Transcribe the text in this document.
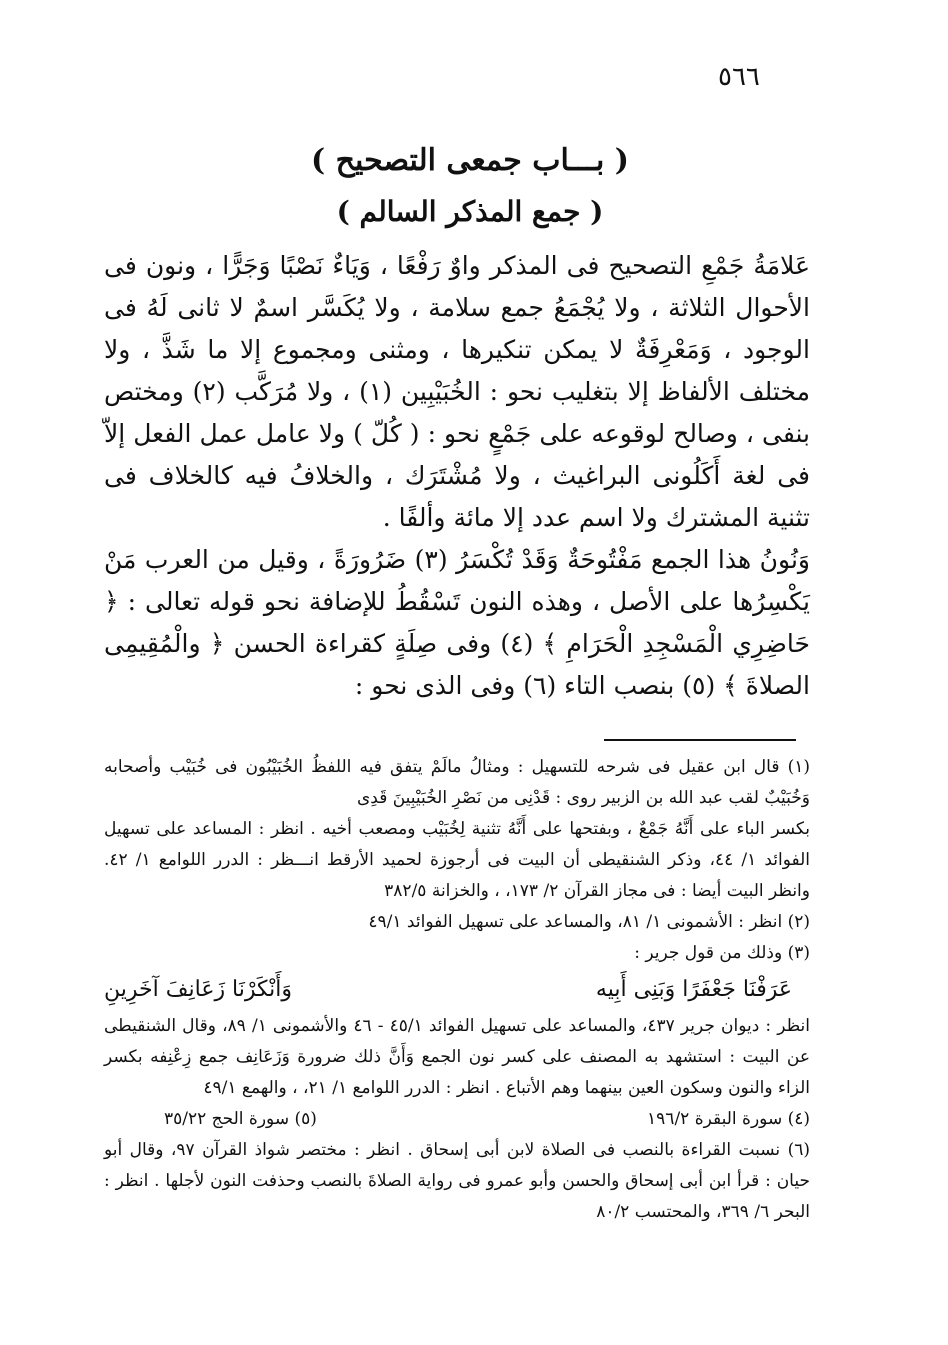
٥٦٦
( بـــاب جمعى التصحيح )
( جمع المذكر السالم )

عَلامَةُ جَمْعِ التصحيح فى المذكر واوٌ رَفْعًا ، وَيَاءٌ نَصْبًا وَجَرًّا ، ونون فى الأحوال الثلاثة ، ولا يُجْمَعُ جمع سلامة ، ولا يُكَسَّر اسمٌ لا ثانى لَهُ فى الوجود ، وَمَعْرِفَةٌ لا يمكن تنكيرها ، ومثنى ومجموع إلا ما شَذَّ ، ولا مختلف الألفاظ إلا بتغليب نحو : الخُبَيْبِين (١) ، ولا مُرَكَّب (٢) ومختص بنفى ، وصالح لوقوعه على جَمْعٍ نحو : ( كُلّ ) ولا عامل عمل الفعل إلاّ فى لغة أَكَلُونى البراغيث ، ولا مُشْتَرَك ، والخلافُ فيه كالخلاف فى تثنية المشترك ولا اسم عدد إلا مائة وألفًا .

وَنُونُ هذا الجمع مَفْتُوحَةٌ وَقَدْ تُكْسَرُ (٣) ضَرُورَةً ، وقيل من العرب مَنْ يَكْسِرُها على الأصل ، وهذه النون تَسْقُطُ للإضافة نحو قوله تعالى : ﴿ حَاضِرِي الْمَسْجِدِ الْحَرَامِ ﴾ (٤) وفى صِلَةٍ كقراءة الحسن ﴿ والْمُقِيمِى الصلاةَ ﴾ (٥) بنصب التاء (٦) وفى الذى نحو :

(١) قال ابن عقيل فى شرحه للتسهيل : ومثالُ مالَمْ يتفق فيه اللفظُ الخُبَيْبُون فى خُبَيْب وأصحابه وَخُبَيْبٌ لقب عبد الله بن الزبير روى : قَدْنِى من نَصْرِ الخُبَيْبِينَ قَدِى

بكسر الباء على أَنَّهُ جَمْعٌ ، وبفتحها على أَنَّهُ تثنية لِخُبَيْب ومصعب أخيه . انظر : المساعد على تسهيل الفوائد ١/ ٤٤، وذكر الشنقيطى أن البيت فى أرجوزة لحميد الأرقط انـــظر : الدرر اللوامع ١/ ٤٢. وانظر البيت أيضا : فى مجاز القرآن ٢/ ١٧٣، ، والخزانة ٣٨٢/٥

(٢) انظر : الأشمونى ١/ ٨١، والمساعد على تسهيل الفوائد ٤٩/١

(٣) وذلك من قول جرير :

عَرَفْنَا جَعْفَرًا وَبَنِى أَبِيه
وَأَنْكَرْنَا زَعَانِفَ آخَرِينِ

انظر : ديوان جرير ٤٣٧، والمساعد على تسهيل الفوائد ٤٥/١ - ٤٦ والأشمونى ١/ ٨٩، وقال الشنقيطى عن البيت : استشهد به المصنف على كسر نون الجمع وَأَنَّ ذلك ضرورة وَزَعَانِف جمع زِعْنِفه بكسر الزاء والنون وسكون العين بينهما وهم الأتباع . انظر : الدرر اللوامع ١/ ٢١، ، والهمع ٤٩/١

(٤) سورة البقرة ١٩٦/٢
(٥) سورة الحج ٣٥/٢٢

(٦) نسبت القراءة بالنصب فى الصلاة لابن أبى إسحاق . انظر : مختصر شواذ القرآن ٩٧، وقال أبو حيان : قرأ ابن أبى إسحاق والحسن وأبو عمرو فى رواية الصلاةَ بالنصب وحذفت النون لأجلها . انظر : البحر ٦/ ٣٦٩، والمحتسب ٨٠/٢
